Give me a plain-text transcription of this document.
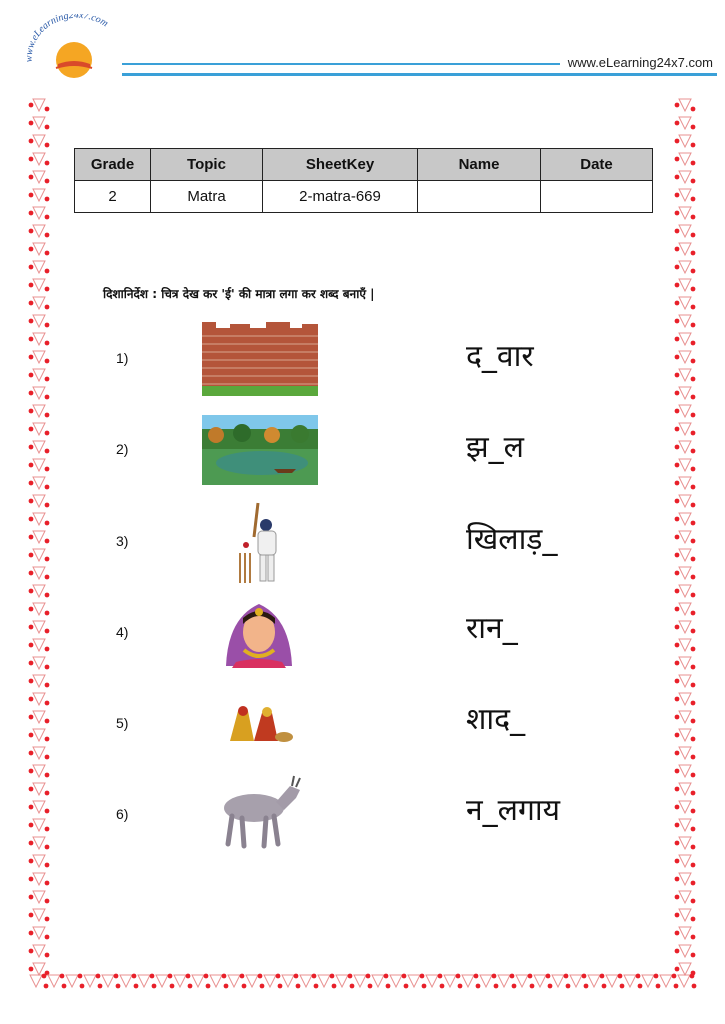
www.eLearning24x7.com
www.eLearning24x7.com
Grade	Topic	SheetKey	Name	Date
2	Matra	2-matra-669		
दिशानिर्देश : चित्र देख कर 'ई' की मात्रा लगा कर शब्द बनाएँ |
1)	द_वार
2)	झ_ल
3)	खिलाड़_
4)	रान_
5)	शाद_
6)	न_लगाय
